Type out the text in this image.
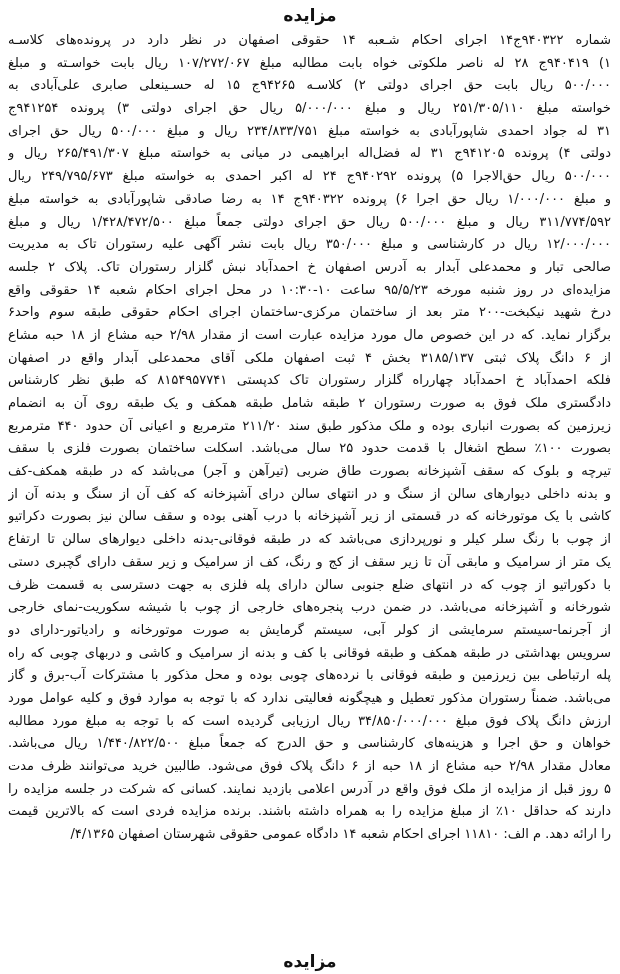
مزایده
شماره ۹۴۰۳۲۲ج۱۴ اجرای احکام شـعبه ۱۴ حقوقی اصفهان در نظر دارد در پرونده‌های کلاسـه
۱) ۹۴۰۴۱۹ج ۲۸ له ناصر ملکوتی خواه بابت مطالبه مبلغ ۱۰۷/۲۷۲/۰۶۷ ریال بابت خواسـته و مبلغ
۵۰۰/۰۰۰ ریال بابت حق اجرای دولتی ۲) کلاسـه ۹۴۲۶۵ج ۱۵ له حسـینعلی صابری علی‌آبادی به
خواسته مبلغ ۲۵۱/۳۰۵/۱۱۰ ریال و مبلغ ۵/۰۰۰/۰۰۰ ریال حق اجرای دولتی ۳) پرونده ۹۴۱۲۵۴ج
۳۱ له جواد احمدی شاپورآبادی به خواسته مبلغ ۲۳۴/۸۳۳/۷۵۱ ریال و مبلغ ۵۰۰/۰۰۰ ریال حق اجرای
دولتی ۴) پرونده ۹۴۱۲۰۵ج ۳۱ له فضل‌اله ابراهیمی در میانی به خواسته مبلغ ۲۶۵/۴۹۱/۳۰۷ ریال و
۵۰۰/۰۰۰ ریال حق‌الاجرا ۵) پرونده ۹۴۰۲۹۲ج ۲۴ له اکبر احمدی به خواسته مبلغ ۲۴۹/۷۹۵/۶۷۳ ریال
و مبلغ ۱/۰۰۰/۰۰۰ ریال حق اجرا ۶) پرونده ۹۴۰۳۲۲ج ۱۴ به رضا صادقی شاپورآبادی به خواسته مبلغ
۳۱۱/۷۷۴/۵۹۲ ریال و مبلغ ۵۰۰/۰۰۰ ریال حق اجرای دولتی جمعاً مبلغ ۱/۴۲۸/۴۷۲/۵۰۰ ریال و مبلغ
۱۲/۰۰۰/۰۰۰ ریال در کارشناسی و مبلغ ۳۵۰/۰۰۰ ریال بابت نشر آگهی علیه رستوران تاک به مدیریت
صالحی تبار و محمدعلی آبدار به آدرس اصفهان خ احمدآباد نبش گلزار رستوران تاک. پلاک ۲ جلسه
مزایده‌ای در روز شنبه مورخه ۹۵/۵/۲۳ ساعت ۱۰-۱۰:۳۰ در محل اجرای احکام شعبه ۱۴ حقوقی واقع
درخ شهید نیکبخت-۲۰۰ متر بعد از ساختمان مرکزی-ساختمان اجرای احکام حقوقی طبقه سوم واحد۶
برگزار نماید. که در این خصوص مال مورد مزایده عبارت است از مقدار ۲/۹۸ حبه مشاع از ۱۸ حبه مشاع
از ۶ دانگ پلاک ثبتی ۳۱۸۵/۱۳۷ بخش ۴ ثبت اصفهان ملکی آقای محمدعلی آبدار واقع در اصفهان
فلکه احمدآباد خ احمدآباد چهارراه گلزار رستوران تاک کدپستی ۸۱۵۴۹۵۷۷۴۱ که طبق نظر کارشناس
دادگستری ملک فوق به صورت رستوران ۲ طبقه شامل طبقه همکف و یک طبقه روی آن به انضمام
زیرزمین که بصورت انباری بوده و ملک مذکور طبق سند ۲۱۱/۲۰ مترمربع و اعیانی آن حدود ۴۴۰ مترمربع
بصورت ۱۰۰٪ سطح اشغال با قدمت حدود ۲۵ سال می‌باشد. اسکلت ساختمان بصورت فلزی با سقف
تیرچه و بلوک که سقف آشپزخانه بصورت طاق ضربی (تیرآهن و آجر) می‌باشد که در طبقه همکف-کف
و بدنه داخلی دیوارهای سالن از سنگ و در انتهای سالن درای آشپزخانه که کف آن از سنگ و بدنه آن از
کاشی با یک موتورخانه که در قسمتی از زیر آشپزخانه با درب آهنی بوده و سقف سالن نیز بصورت دکراتیو
از چوب با رنگ سلر کیلر و نورپردازی می‌باشد که در طبقه فوقانی-بدنه داخلی دیوارهای سالن تا ارتفاع
یک متر از سرامیک و مابقی آن تا زیر سقف از کج و رنگ، کف از سرامیک و زیر سقف دارای گچبری دستی
با دکوراتیو از چوب که در انتهای ضلع جنوبی سالن دارای پله فلزی به جهت دسترسی به قسمت ظرف
شورخانه و آشپزخانه می‌باشد. در ضمن درب پنجره‌های خارجی از چوب با شیشه سکوریت-نمای خارجی
از آجرنما-سیستم سرمایشی از کولر آبی، سیستم گرمایش به صورت موتورخانه و رادیاتور-دارای دو
سرویس بهداشتی در طبقه همکف و طبقه فوقانی با کف و بدنه از سرامیک و کاشی و دربهای چوبی که راه
پله ارتباطی بین زیرزمین و طبقه فوقانی با نرده‌های چوبی بوده و محل مذکور با مشترکات آب-برق و گاز
می‌باشد. ضمناً رستوران مذکور تعطیل و هیچگونه فعالیتی ندارد که با توجه به موارد فوق و کلیه عوامل مورد
ارزش دانگ پلاک فوق مبلغ ۳۴/۸۵۰/۰۰۰/۰۰۰ ریال ارزیابی گردیده است که با توجه به مبلغ مورد مطالبه
خواهان و حق اجرا و هزینه‌های کارشناسی و حق الدرج که جمعاً مبلغ ۱/۴۴۰/۸۲۲/۵۰۰ ریال می‌باشد.
معادل مقدار ۲/۹۸ حبه مشاع از ۱۸ حبه از ۶ دانگ پلاک فوق می‌شود. طالبین خرید می‌توانند ظرف مدت
۵ روز قبل از مزایده از ملک فوق واقع در آدرس اعلامی بازدید نمایند. کسانی که شرکت در جلسه مزایده را
دارند که حداقل ۱۰٪ از مبلغ مزایده را به همراه داشته باشند. برنده مزایده فردی است که بالاترین قیمت
را ارائه دهد. م الف: ۱۱۸۱۰ اجرای احکام شعبه ۱۴ دادگاه عمومی حقوقی شهرستان اصفهان ۴/۱۳۶۵/
مزایده
